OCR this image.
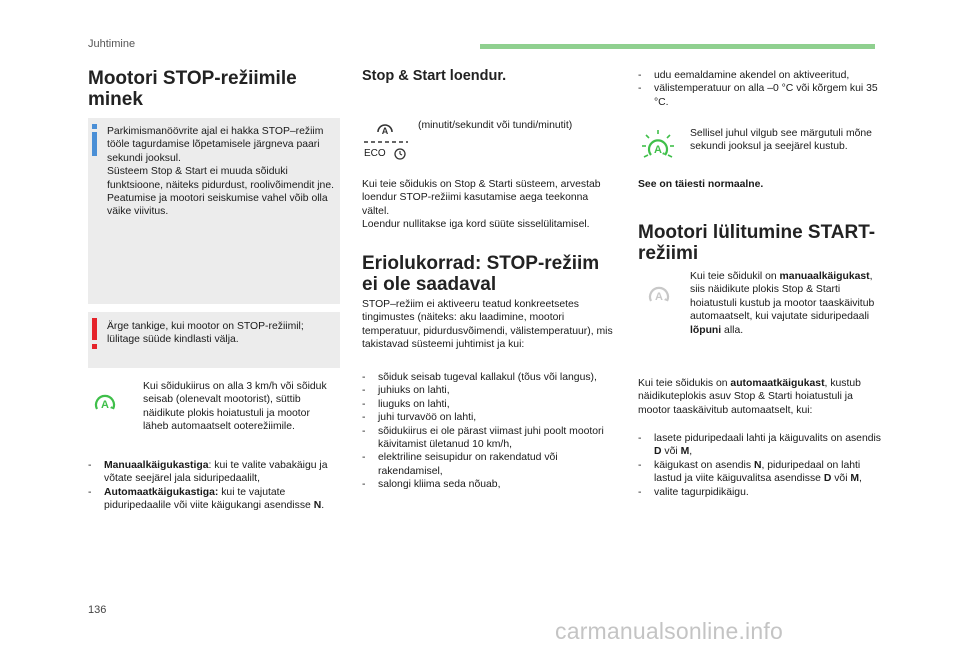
Juhtimine
Mootori STOP-režiimile minek
Parkimismanöövrite ajal ei hakka STOP–režiim tööle tagurdamise lõpetamisele järgneva paari sekundi jooksul.
Süsteem Stop & Start ei muuda sõiduki funktsioone, näiteks pidurdust, roolivõimendit jne.
Peatumise ja mootori seiskumise vahel võib olla väike viivitus.
Ärge tankige, kui mootor on STOP-režiimil; lülitage süüde kindlasti välja.
A
Kui sõidukiirus on alla 3 km/h või sõiduk seisab (olenevalt mootorist), süttib näidikute plokis hoiatustuli ja mootor läheb automaatselt ooterežiimile.
- Manuaalkäigukastiga: kui te valite vabakäigu ja võtate seejärel jala siduripedaalilt,
- Automaatkäigukastiga: kui te vajutate piduripedaalile või viite käigukangi asendisse N.
Stop & Start loendur.
A
ECO
(minutit/sekundit või tundi/minutit)
Kui teie sõidukis on Stop & Starti süsteem, arvestab loendur STOP-režiimi kasutamise aega teekonna vältel.
Loendur nullitakse iga kord süüte sisselülitamisel.
Eriolukorrad: STOP-režiim ei ole saadaval
STOP–režiim ei aktiveeru teatud konkreetsetes tingimustes (näiteks: aku laadimine, mootori temperatuur, pidurdusvõimendi, välistemperatuur), mis takistavad süsteemi juhtimist ja kui:
- sõiduk seisab tugeval kallakul (tõus või langus),
- juhiuks on lahti,
- liuguks on lahti,
- juhi turvavöö on lahti,
- sõidukiirus ei ole pärast viimast juhi poolt mootori käivitamist ületanud 10 km/h,
- elektriline seisupidur on rakendatud või rakendamisel,
- salongi kliima seda nõuab,
- udu eemaldamine akendel on aktiveeritud,
- välistemperatuur on alla –0 °C või kõrgem kui 35 °C.
A
Sellisel juhul vilgub see märgutuli mõne sekundi jooksul ja seejärel kustub.
See on täiesti normaalne.
Mootori lülitumine START-režiimi
A
Kui teie sõidukil on manuaalkäigukast, siis näidikute plokis Stop & Starti hoiatustuli kustub ja mootor taaskäivitub automaatselt, kui vajutate siduripedaali lõpuni alla.
Kui teie sõidukis on automaatkäigukast, kustub näidikuteplokis asuv Stop & Starti hoiatustuli ja mootor taaskäivitub automaatselt, kui:
- lasete piduripedaali lahti ja käiguvalits on asendis D või M,
- käigukast on asendis N, piduripedaal on lahti lastud ja viite käiguvalitsa asendisse D või M,
- valite tagurpidikäigu.
136
carmanualsonline.info
